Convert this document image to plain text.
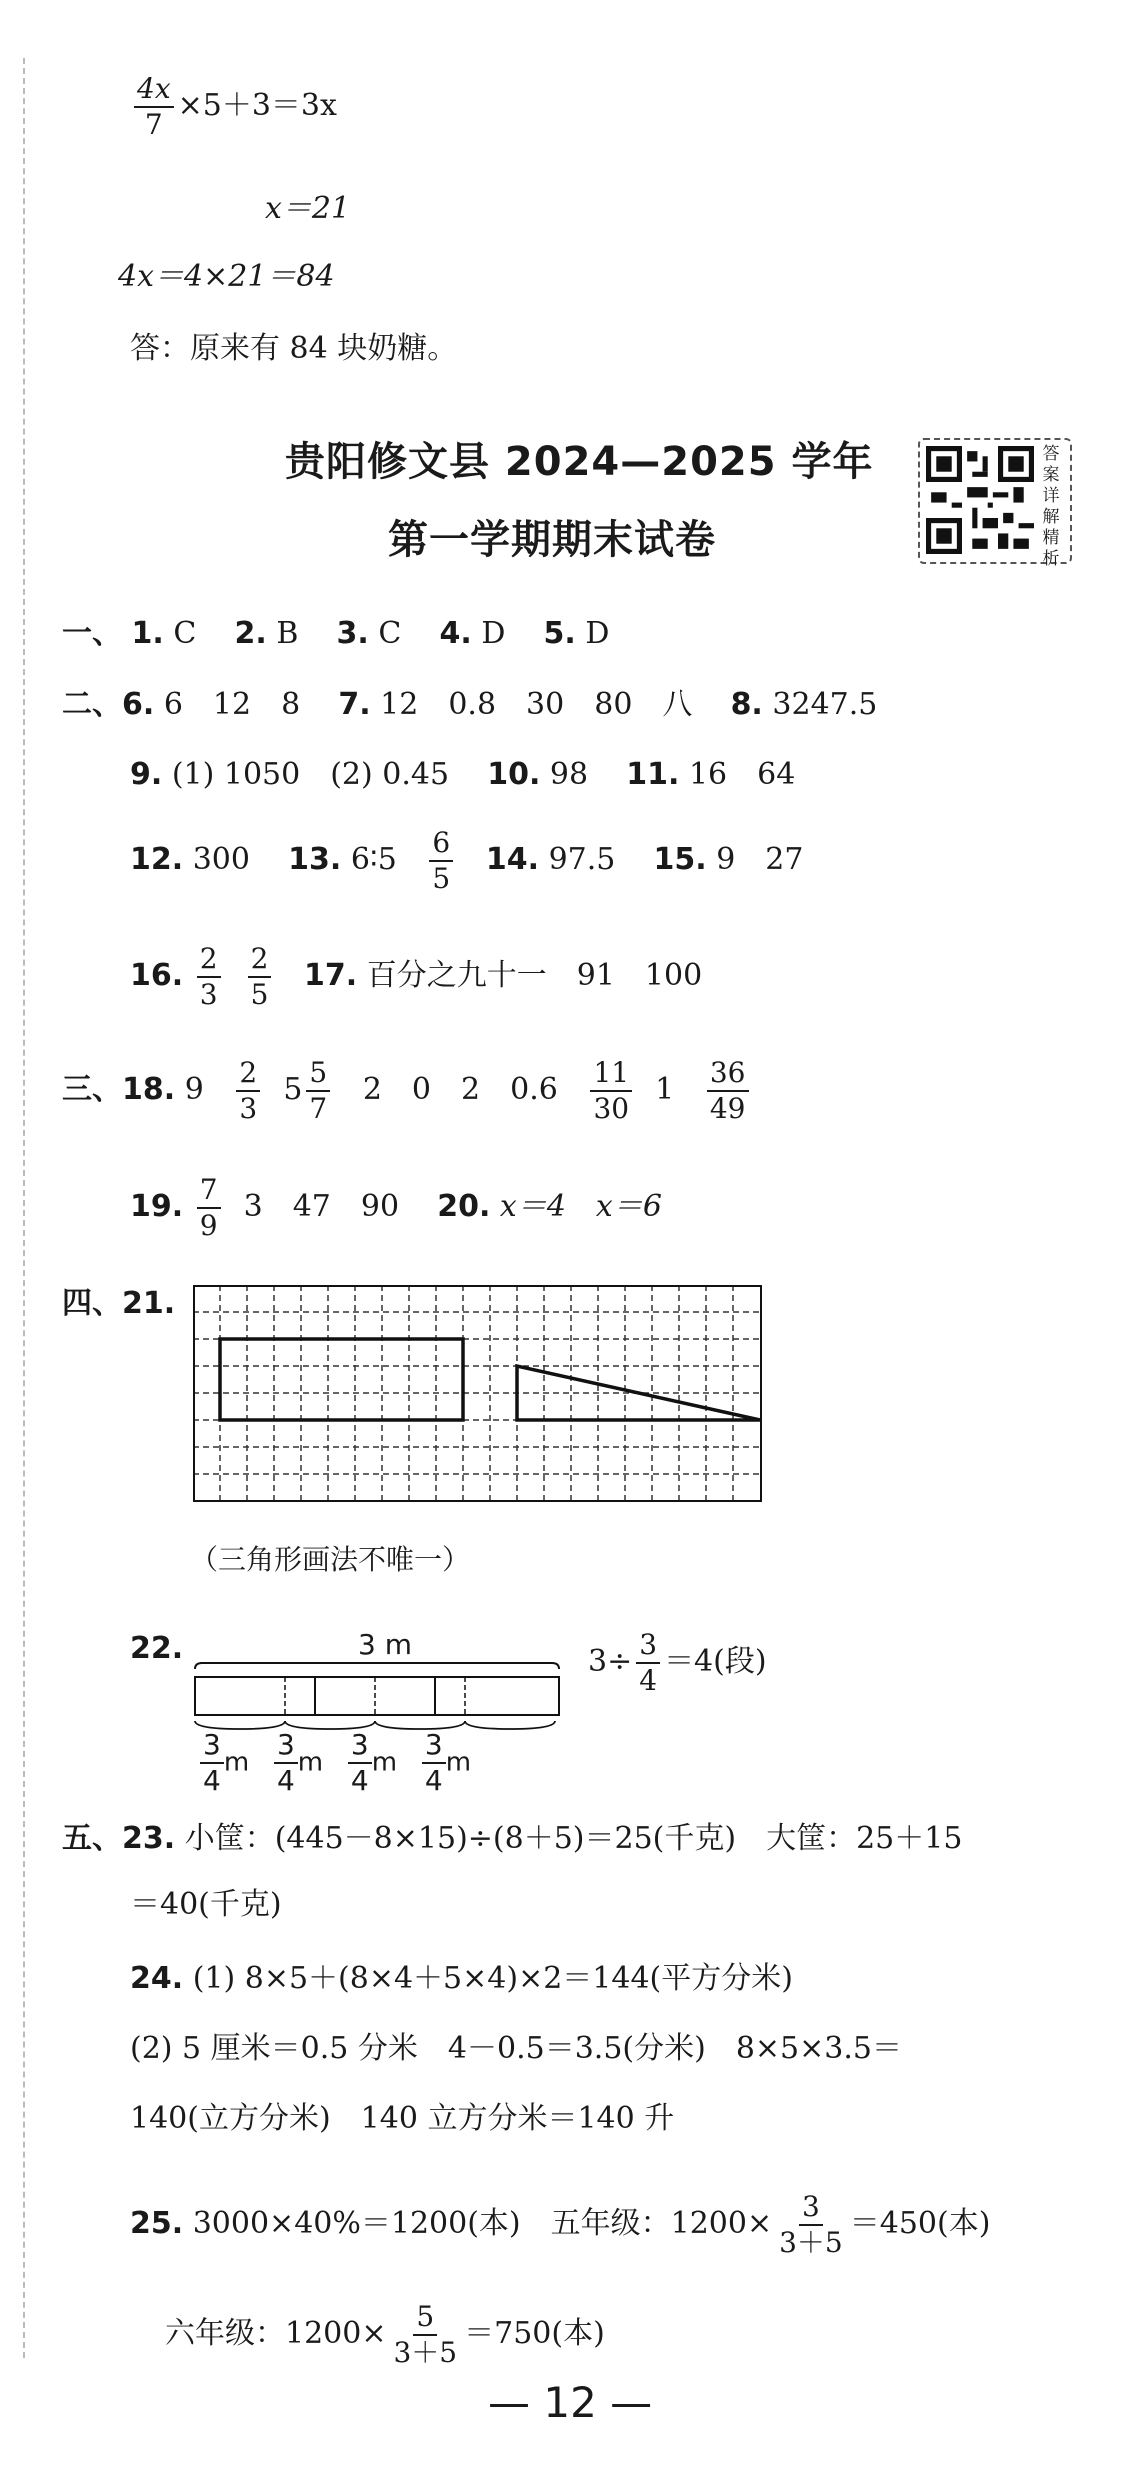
$\frac{4x}{7} \times 5+3=3x$
x＝21
4x＝4×21＝84
答：原来有 84 块奶糖。
贵阳修文县 2024—2025 学年
第一学期期末试卷
答案详解精析
一、 1. C 2. B 3. C 4. D 5. D
二、6. 6　12　8 7. 12　0.8　30　80　八 8. 3247.5
9. (1) 1050　(2) 0.45 10. 98 11. 16　64
12. 300 13. 6∶5 $\frac{6}{5} 14$. 97.5 15. 9　27
16. $\frac{2}{3}$
$\frac{2}{5} 17$. 百分之九十一　91　100
三、18. $9 \frac{2}{3} 5 \frac{5}{7} 2$　0　2　$0.6 \frac{11}{30} 1 \frac{36}{49}$
19. $\frac{7}{9} 3$　47　90 20. x＝4　x＝6
四、21.
（三角形画法不唯一）
22.	3 m
$\frac{3}{4}$ m $\frac{3}{4}$ m $\frac{3}{4}$ m $\frac{3}{4}$ m
$3\div \frac{3}{4} =4$(段)
五、23. 小筐：(445－8×15)÷(8＋5)＝25(千克)　大筐：25＋15
＝40(千克)
24. (1) 8×5＋(8×4＋5×4)×2＝144(平方分米)
(2) 5 厘米＝0.5 分米　4－0.5＝3.5(分米)　8×5×3.5＝
140(立方分米)　140 立方分米＝140 升
25. 3000×40%＝1200(本)　五年级：$1200\times \frac{3}{3+5} =450$(本)
六年级：$1200\times \frac{5}{3+5} =750$(本)
— 12 —
